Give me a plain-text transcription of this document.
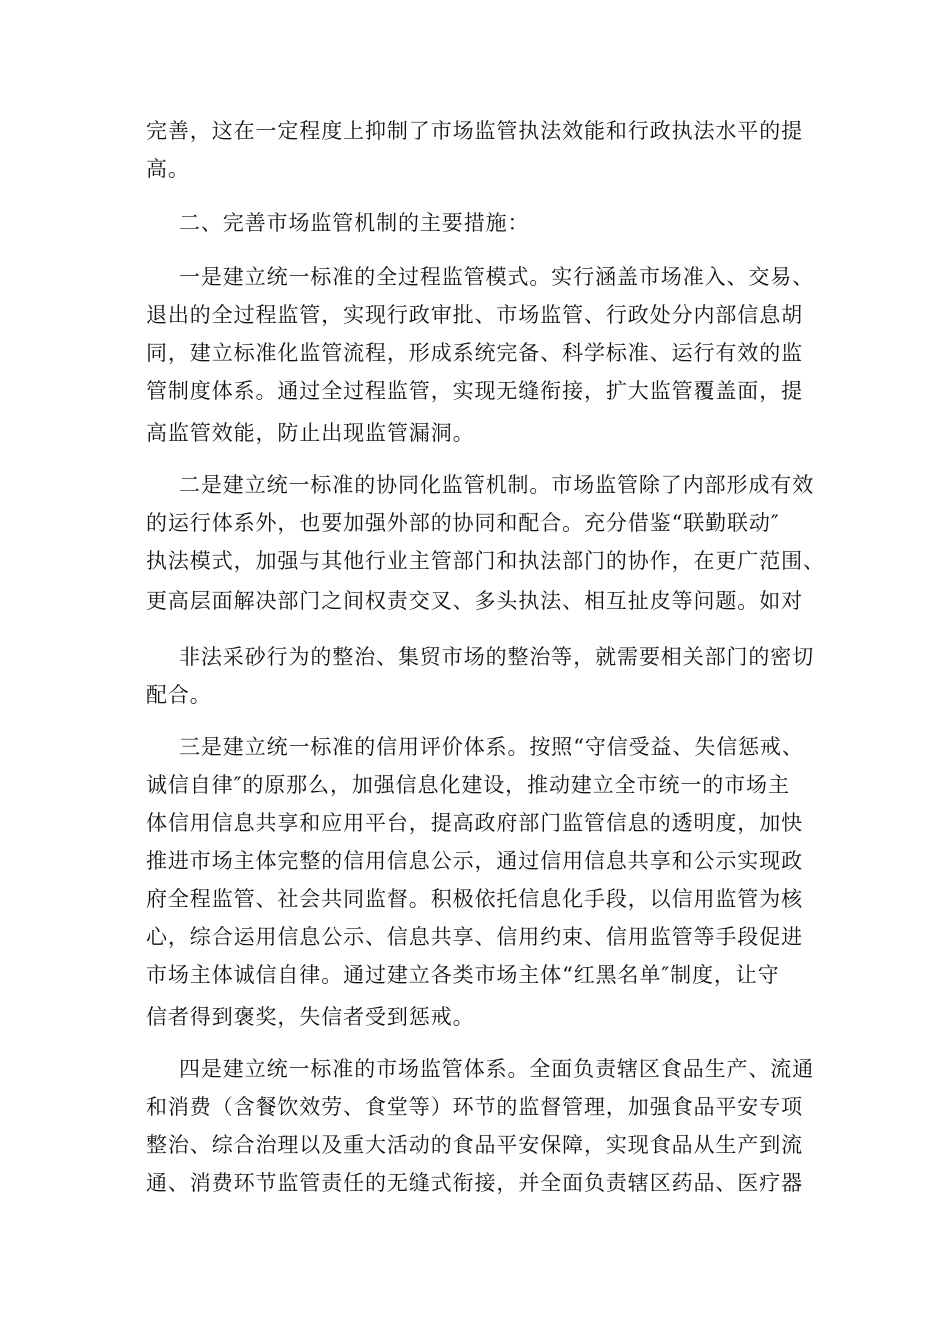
完善，这在一定程度上抑制了市场监管执法效能和行政执法水平的提
高。
二、完善市场监管机制的主要措施：
一是建立统一标准的全过程监管模式。实行涵盖市场准入、交易、
退出的全过程监管，实现行政审批、市场监管、行政处分内部信息胡
同，建立标准化监管流程，形成系统完备、科学标准、运行有效的监
管制度体系。通过全过程监管，实现无缝衔接，扩大监管覆盖面，提
高监管效能，防止出现监管漏洞。
二是建立统一标准的协同化监管机制。市场监管除了内部形成有效
的运行体系外，也要加强外部的协同和配合。充分借鉴“联勤联动″
执法模式，加强与其他行业主管部门和执法部门的协作，在更广范围、
更高层面解决部门之间权责交叉、多头执法、相互扯皮等问题。如对
非法采砂行为的整治、集贸市场的整治等，就需要相关部门的密切
配合。
三是建立统一标准的信用评价体系。按照“守信受益、失信惩戒、
诚信自律″的原那么，加强信息化建设，推动建立全市统一的市场主
体信用信息共享和应用平台，提高政府部门监管信息的透明度，加快
推进市场主体完整的信用信息公示，通过信用信息共享和公示实现政
府全程监管、社会共同监督。积极依托信息化手段，以信用监管为核
心，综合运用信息公示、信息共享、信用约束、信用监管等手段促进
市场主体诚信自律。通过建立各类市场主体“红黑名单″制度，让守
信者得到褒奖，失信者受到惩戒。
四是建立统一标准的市场监管体系。全面负责辖区食品生产、流通
和消费（含餐饮效劳、食堂等）环节的监督管理，加强食品平安专项
整治、综合治理以及重大活动的食品平安保障，实现食品从生产到流
通、消费环节监管责任的无缝式衔接，并全面负责辖区药品、医疗器
